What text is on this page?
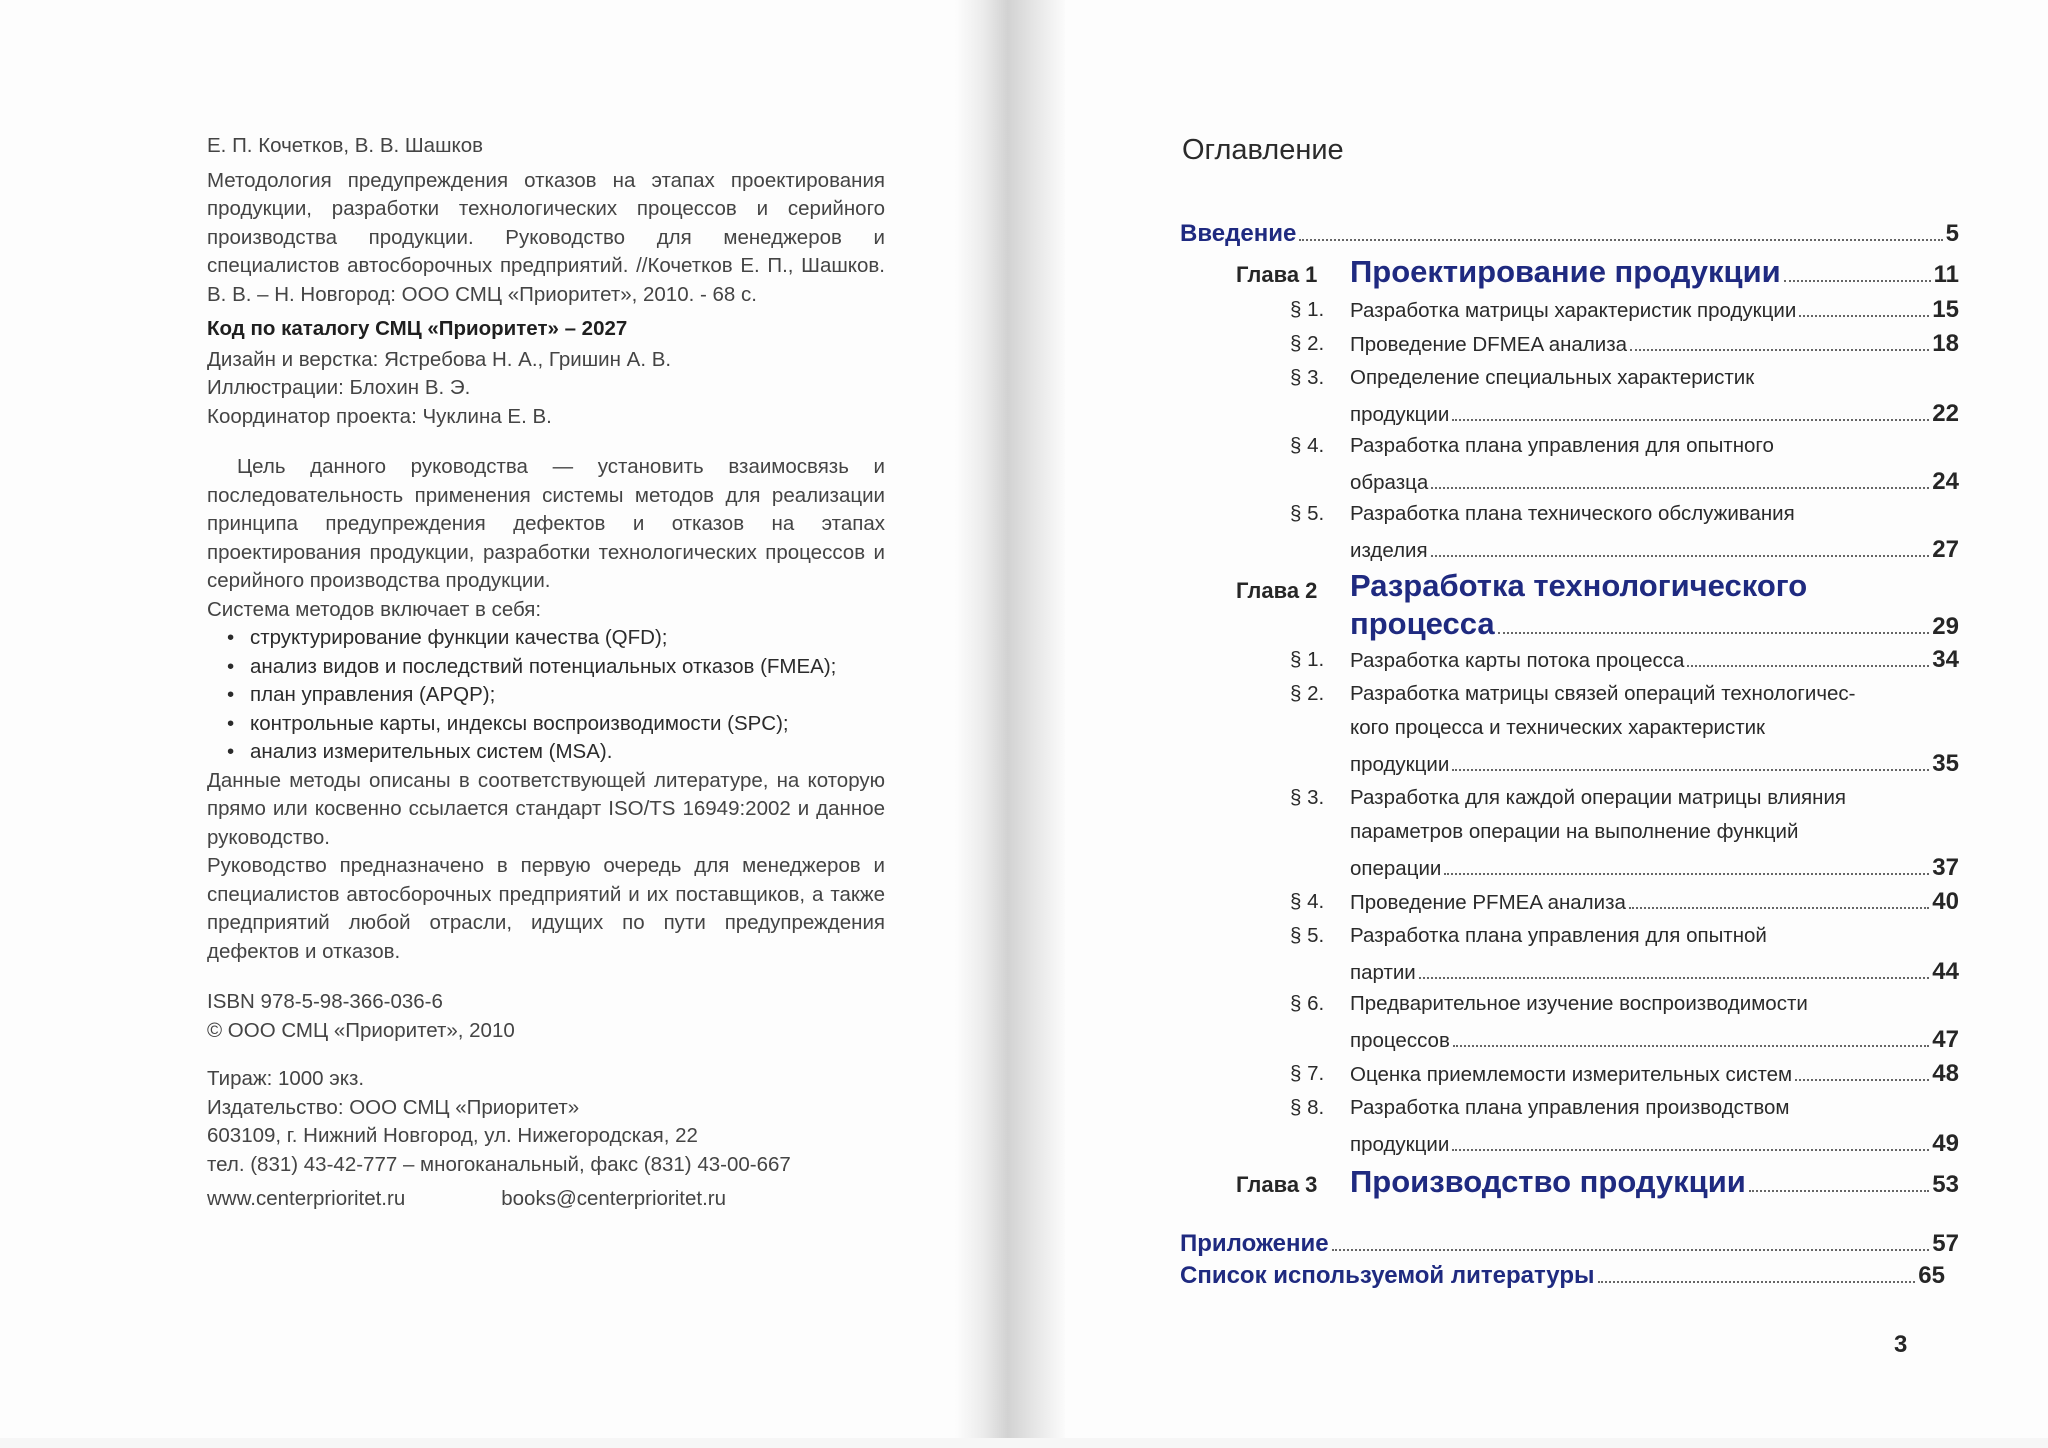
Е. П. Кочетков, В. В. Шашков

Методология предупреждения отказов на этапах проектирования продукции, разработки технологических процессов и серийного производства продукции. Руководство для менеджеров и специалистов автосборочных предприятий. //Кочетков Е. П., Шашков. В. В. – Н. Новгород: ООО СМЦ «Приоритет», 2010. - 68 с.

Код по каталогу СМЦ «Приоритет» – 2027

Дизайн и верстка: Ястребова Н. А., Гришин А. В.

Иллюстрации: Блохин В. Э.

Координатор проекта: Чуклина Е. В.

Цель данного руководства — установить взаимосвязь и последовательность применения системы методов для реализации принципа предупреждения дефектов и отказов на этапах проектирования продукции, разработки технологических процессов и серийного производства продукции.

Система методов включает в себя:

• структурирование функции качества (QFD);
• анализ видов и последствий потенциальных отказов (FMEA);
• план управления (APQP);
• контрольные карты, индексы воспроизводимости (SPC);
• анализ измерительных систем (MSA).

Данные методы описаны в соответствующей литературе, на которую прямо или косвенно ссылается стандарт ISO/TS 16949:2002 и данное руководство.

Руководство предназначено в первую очередь для менеджеров и специалистов автосборочных предприятий и их поставщиков, а также предприятий любой отрасли, идущих по пути предупреждения дефектов и отказов.

ISBN 978-5-98-366-036-6

© ООО СМЦ «Приоритет», 2010

Тираж: 1000 экз.

Издательство: ООО СМЦ «Приоритет»

603109, г. Нижний Новгород, ул. Нижегородская, 22

тел. (831) 43-42-777 – многоканальный, факс (831) 43-00-667

www.centerprioritet.ru	books@centerprioritet.ru
Оглавление
Введение	5
Глава 1 Проектирование продукции	11
§ 1. Разработка матрицы характеристик продукции	15
§ 2. Проведение DFMEA анализа	18
§ 3. Определение специальных характеристик
продукции	22
§ 4. Разработка плана управления для опытного
образца	24
§ 5. Разработка плана технического обслуживания
изделия	27
Глава 2 Разработка технологического
процесса	29
§ 1. Разработка карты потока процесса	34
§ 2. Разработка матрицы связей операций технологичес-
кого процесса и технических характеристик
продукции	35
§ 3. Разработка для каждой операции матрицы влияния
параметров операции на выполнение функций
операции	37
§ 4. Проведение PFMEA анализа	40
§ 5. Разработка плана управления для опытной
партии	44
§ 6. Предварительное изучение воспроизводимости
процессов	47
§ 7. Оценка приемлемости измерительных систем	48
§ 8. Разработка плана управления производством
продукции	49
Глава 3 Производство продукции	53
Приложение	57
Список используемой литературы	65
3
